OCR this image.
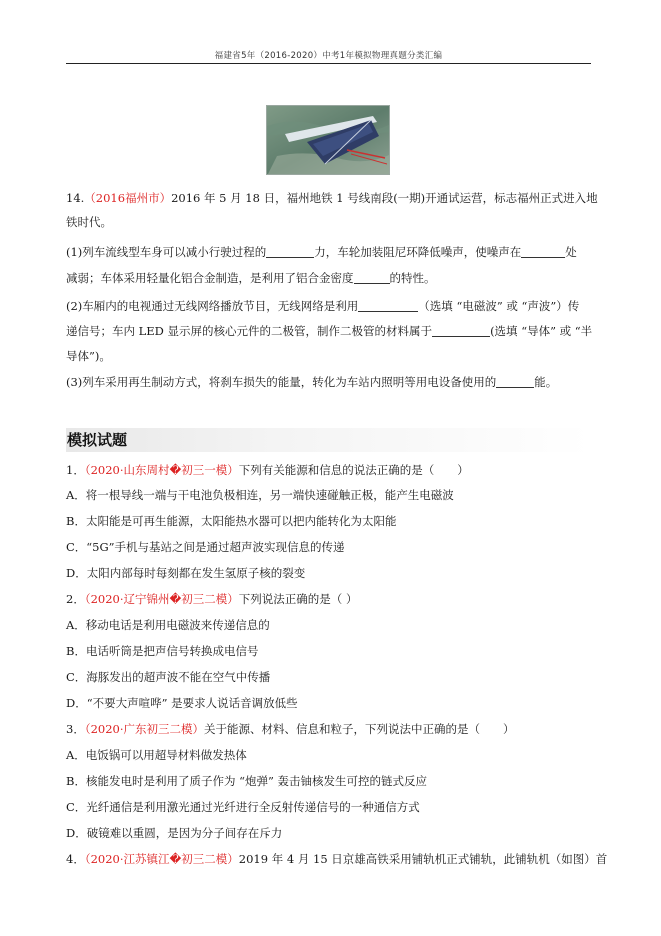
福建省5年（2016-2020）中考1年模拟物理真题分类汇编
14.（2016福州市）2016 年 5 月 18 日，福州地铁 1 号线南段(一期)开通试运营，标志福州正式进入地
铁时代。
(1)列车流线型车身可以减小行驶过程的	力，车轮加装阻尼环降低噪声，使噪声在	处
减弱；车体采用轻量化铝合金制造，是利用了铝合金密度	的特性。
(2)车厢内的电视通过无线网络播放节目，无线网络是利用	（选填 “电磁波” 或 “声波”）传
递信号；车内 LED 显示屏的核心元件的二极管，制作二极管的材料属于	(选填 “导体” 或 “半
导体”)。
(3)列车采用再生制动方式，将刹车损失的能量，转化为车站内照明等用电设备使用的	能。
模拟试题
1．（2020·山东周村�初三一模）下列有关能源和信息的说法正确的是（　　）
A．将一根导线一端与干电池负极相连，另一端快速碰触正极，能产生电磁波
B．太阳能是可再生能源，太阳能热水器可以把内能转化为太阳能
C．“5G”手机与基站之间是通过超声波实现信息的传递
D．太阳内部每时每刻都在发生氢原子核的裂变
2．（2020·辽宁锦州�初三二模）下列说法正确的是（ ）
A．移动电话是利用电磁波来传递信息的
B．电话听筒是把声信号转换成电信号
C．海豚发出的超声波不能在空气中传播
D．“不要大声喧哗” 是要求人说话音调放低些
3．（2020·广东初三二模）关于能源、材料、信息和粒子，下列说法中正确的是（　　）
A．电饭锅可以用超导材料做发热体
B．核能发电时是利用了质子作为 “炮弹” 轰击铀核发生可控的链式反应
C．光纤通信是利用激光通过光纤进行全反射传递信号的一种通信方式
D．破镜难以重圆，是因为分子间存在斥力
4．（2020·江苏镇江�初三二模）2019 年 4 月 15 日京雄高铁采用铺轨机正式铺轨，此铺轨机（如图）首
